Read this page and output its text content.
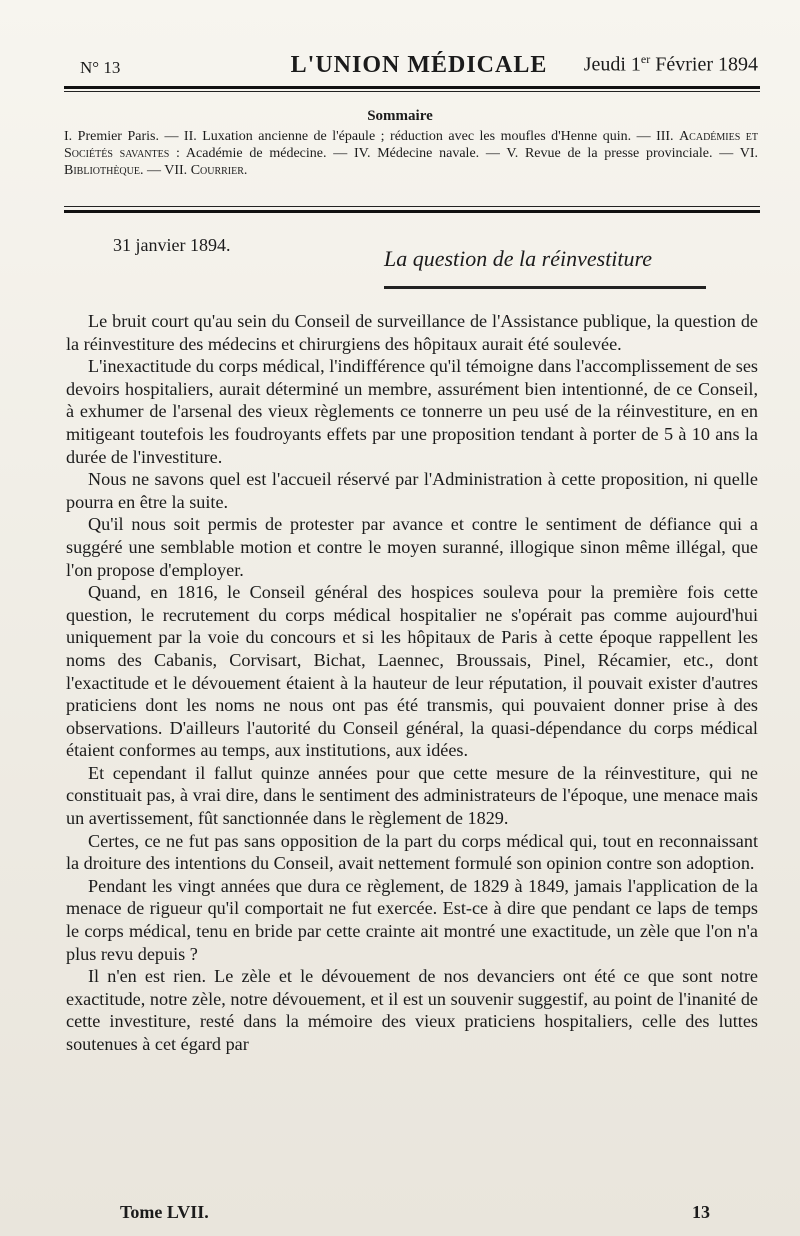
N° 13	L'UNION MÉDICALE	Jeudi 1er Février 1894
Sommaire
I. Premier Paris. — II. Luxation ancienne de l'épaule ; réduction avec les moufles d'Henne quin. — III. Académies et Sociétés savantes : Académie de médecine. — IV. Médecine navale. — V. Revue de la presse provinciale. — VI. Bibliothèque. — VII. Courrier.
31 janvier 1894.
La question de la réinvestiture

Le bruit court qu'au sein du Conseil de surveillance de l'Assistance publique, la question de la réinvestiture des médecins et chirurgiens des hôpitaux aurait été soulevée.

L'inexactitude du corps médical, l'indifférence qu'il témoigne dans l'accomplissement de ses devoirs hospitaliers, aurait déterminé un membre, assurément bien intentionné, de ce Conseil, à exhumer de l'arsenal des vieux règlements ce tonnerre un peu usé de la réinvestiture, en en mitigeant toutefois les foudroyants effets par une proposition tendant à porter de 5 à 10 ans la durée de l'investiture.

Nous ne savons quel est l'accueil réservé par l'Administration à cette proposition, ni quelle pourra en être la suite.

Qu'il nous soit permis de protester par avance et contre le sentiment de défiance qui a suggéré une semblable motion et contre le moyen suranné, illogique sinon même illégal, que l'on propose d'employer.

Quand, en 1816, le Conseil général des hospices souleva pour la première fois cette question, le recrutement du corps médical hospitalier ne s'opérait pas comme aujourd'hui uniquement par la voie du concours et si les hôpitaux de Paris à cette époque rappellent les noms des Cabanis, Corvisart, Bichat, Laennec, Broussais, Pinel, Récamier, etc., dont l'exactitude et le dévouement étaient à la hauteur de leur réputation, il pouvait exister d'autres praticiens dont les noms ne nous ont pas été transmis, qui pouvaient donner prise à des observations. D'ailleurs l'autorité du Conseil général, la quasi-dépendance du corps médical étaient conformes au temps, aux institutions, aux idées.

Et cependant il fallut quinze années pour que cette mesure de la réinvestiture, qui ne constituait pas, à vrai dire, dans le sentiment des administrateurs de l'époque, une menace mais un avertissement, fût sanctionnée dans le règlement de 1829.

Certes, ce ne fut pas sans opposition de la part du corps médical qui, tout en reconnaissant la droiture des intentions du Conseil, avait nettement formulé son opinion contre son adoption.

Pendant les vingt années que dura ce règlement, de 1829 à 1849, jamais l'application de la menace de rigueur qu'il comportait ne fut exercée. Est-ce à dire que pendant ce laps de temps le corps médical, tenu en bride par cette crainte ait montré une exactitude, un zèle que l'on n'a plus revu depuis ?

Il n'en est rien. Le zèle et le dévouement de nos devanciers ont été ce que sont notre exactitude, notre zèle, notre dévouement, et il est un souvenir suggestif, au point de l'inanité de cette investiture, resté dans la mémoire des vieux praticiens hospitaliers, celle des luttes soutenues à cet égard par

Tome LVII.	13
